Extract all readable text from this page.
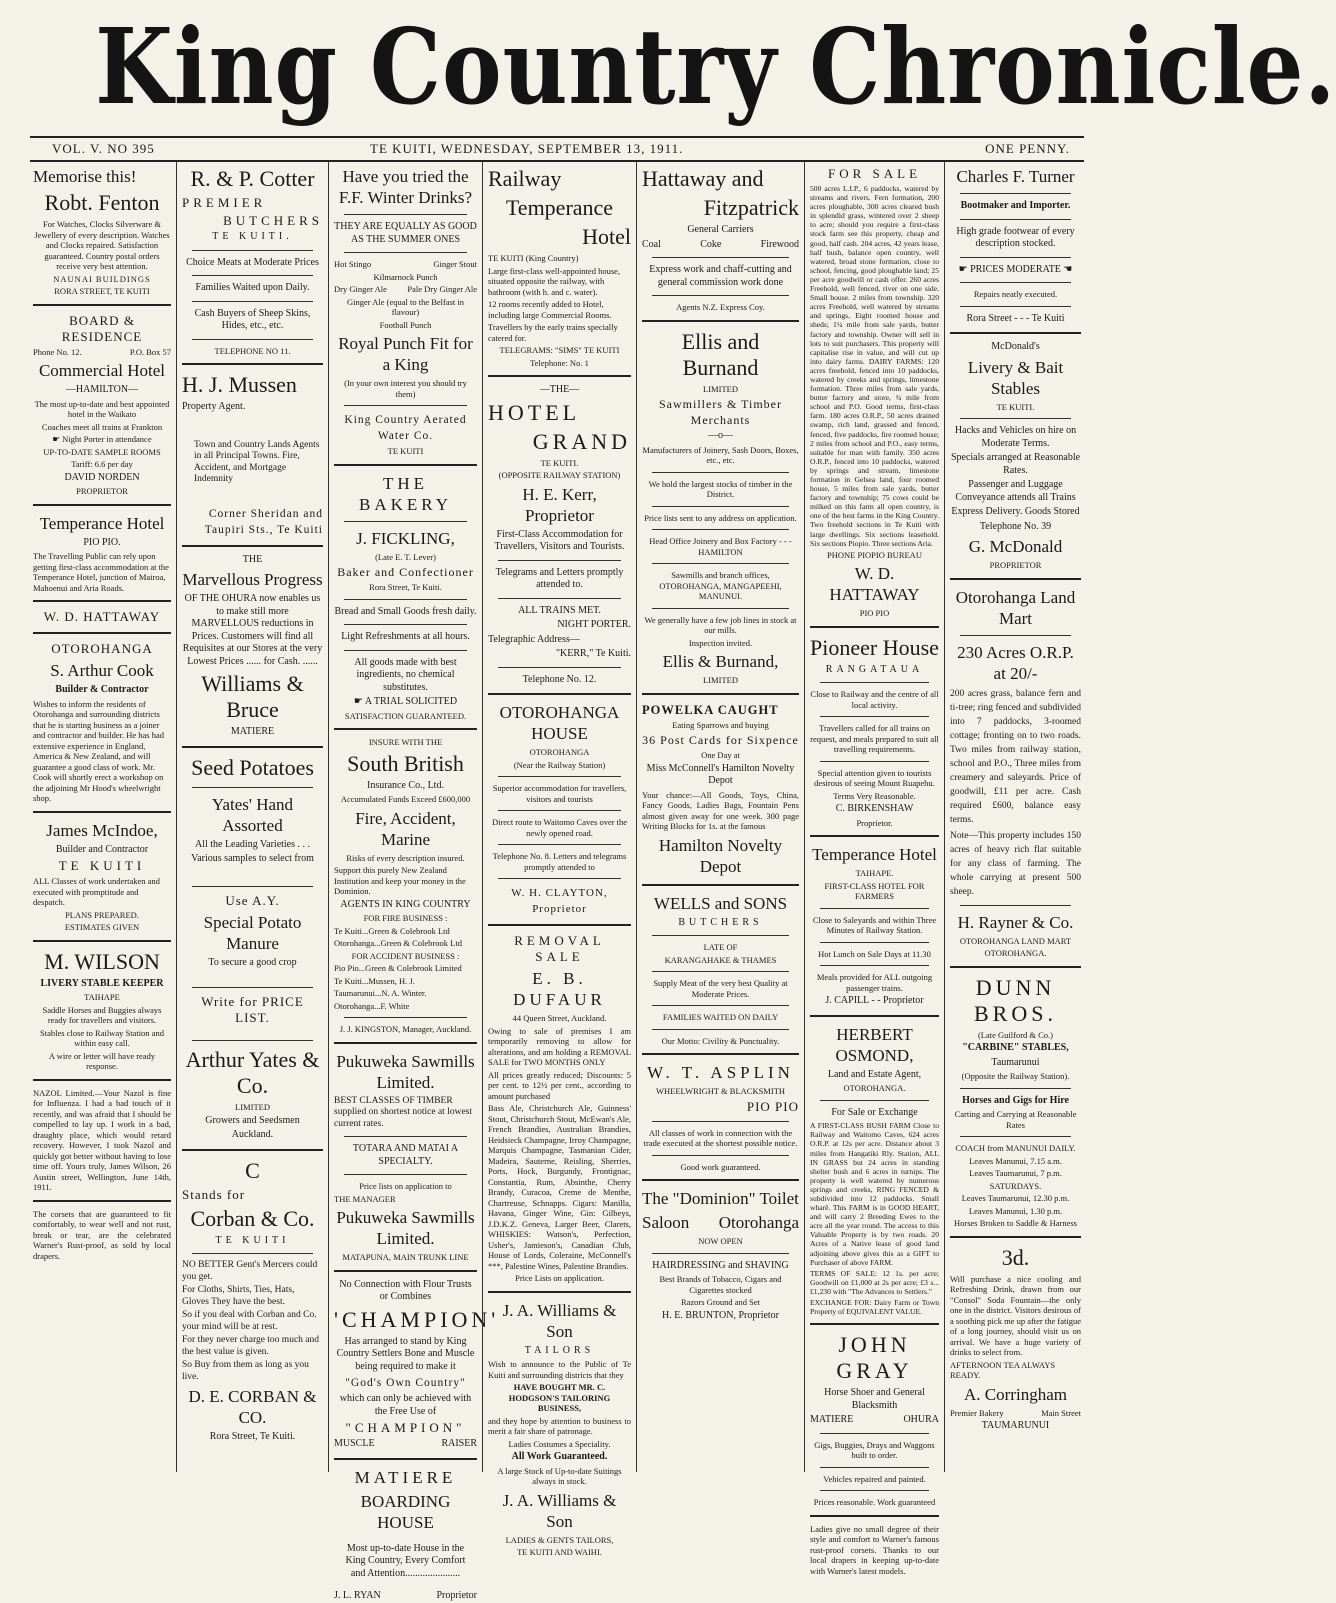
King Country Chronicle.
VOL. V. NO 395	TE KUITI, WEDNESDAY, SEPTEMBER 13, 1911.	ONE PENNY.
Memorise this!
Robt. Fenton

For Watches, Clocks Silverware & Jewellery of every description. Watches and Clocks repaired. Satisfaction guaranteed. Country postal orders receive very best attention.

NAUNAI BUILDINGS

RORA STREET, TE KUITI

BOARD & RESIDENCE
Phone No. 12.	P.O. Box 57
Commercial Hotel

—HAMILTON—

The most up-to-date and best appointed hotel in the Waikato

Coaches meet all trains at Frankton

☛ Night Porter in attendance

UP-TO-DATE SAMPLE ROOMS

Tariff: 6.6 per day

DAVID NORDEN

PROPRIETOR

Temperance Hotel

PIO PIO.

The Travelling Public can rely upon getting first-class accommodation at the Temperance Hotel, junction of Mairoa, Mahoenui and Aria Roads.

W. D. HATTAWAY
OTOROHANGA
S. Arthur Cook

Builder & Contractor

Wishes to inform the residents of Otorohanga and surrounding districts that he is starting business as a joiner and contractor and builder. He has had extensive experience in England, America & New Zealand, and will guarantee a good class of work. Mr. Cook will shortly erect a workshop on the adjoining Mr Hood's wheelwright shop.

James McIndoe,

Builder and Contractor

TE KUITI

ALL Classes of work undertaken and executed with promptitude and despatch.

PLANS PREPARED.

ESTIMATES GIVEN

M. WILSON

LIVERY STABLE KEEPER

TAIHAPE

Saddle Horses and Buggies always ready for travellers and visitors.

Stables close to Railway Station and within easy call.

A wire or letter will have ready response.

NAZOL Limited.—Your Nazol is fine for Influenza. I had a bad touch of it recently, and was afraid that I should be compelled to lay up. I work in a bad, draughty place, which would retard recovery. However, I took Nazol and quickly got better without having to lose time off. Yours truly, James Wilson, 26 Austin street, Wellington, June 14th, 1911.

The corsets that are guaranteed to fit comfortably, to wear well and not rust, break or tear, are the celebrated Warner's Rust-proof, as sold by local drapers.

R. & P. Cotter
PREMIER
BUTCHERS

TE KUITI.

Choice Meats at Moderate Prices

Families Waited upon Daily.

Cash Buyers of Sheep Skins, Hides, etc., etc.

TELEPHONE NO 11.

H. J. Mussen

Property Agent.

Town and Country Lands Agents in all Principal Towns. Fire, Accident, and Mortgage Indemnity

Corner Sheridan and Taupiri Sts., Te Kuiti

THE

Marvellous Progress

OF THE OHURA now enables us to make still more MARVELLOUS reductions in Prices. Customers will find all Requisites at our Stores at the very Lowest Prices ...... for Cash. ......

Williams & Bruce

MATIERE

Seed Potatoes
Yates' Hand Assorted

All the Leading Varieties . . .

Various samples to select from

Use A.Y.

Special Potato Manure

To secure a good crop

Write for PRICE LIST.

Arthur Yates & Co.

LIMITED

Growers and Seedsmen

Auckland.

C

Stands for

Corban & Co.

TE KUITI

NO BETTER Gent's Mercers could you get.

For Cloths, Shirts, Ties, Hats, Gloves They have the best.

So if you deal with Corban and Co. your mind will be at rest.

For they never charge too much and the best value is given.

So Buy from them as long as you live.

D. E. CORBAN & CO.

Rora Street, Te Kuiti.

Have you tried the F.F. Winter Drinks?

THEY ARE EQUALLY AS GOOD AS THE SUMMER ONES

Hot Stingo	Ginger Stout

Kilmarnock Punch

Dry Ginger Ale Pale Dry Ginger Ale

Ginger Ale (equal to the Belfast in flavour)

Football Punch

Royal Punch Fit for a King

(In your own interest you should try them)

King Country Aerated Water Co.

TE KUITI

THE BAKERY
J. FICKLING,

(Late E. T. Lever)

Baker and Confectioner

Rora Street, Te Kuiti.

Bread and Small Goods fresh daily.

Light Refreshments at all hours.

All goods made with best ingredients, no chemical substitutes.

☛ A TRIAL SOLICITED

SATISFACTION GUARANTEED.

INSURE WITH THE

South British

Insurance Co., Ltd.

Accumulated Funds Exceed £600,000

Fire, Accident, Marine

Risks of every description insured.

Support this purely New Zealand Institution and keep your money in the Dominion.

AGENTS IN KING COUNTRY

FOR FIRE BUSINESS :

Te Kuiti...Green & Colebrook Ltd

Otorohanga...Green & Colebrook Ltd

FOR ACCIDENT BUSINESS :

Pio Pio...Green & Colebrook Limited

Te Kuiti...Mussen, H. J.

Taumarunui...N. A. Winter.

Otorohanga...F. White

J. J. KINGSTON, Manager, Auckland.

Pukuweka Sawmills Limited.

BEST CLASSES OF TIMBER supplied on shortest notice at lowest current rates.

TOTARA AND MATAI A SPECIALTY.

Price lists on application to

THE MANAGER

Pukuweka Sawmills Limited.

MATAPUNA, MAIN TRUNK LINE

No Connection with Flour Trusts or Combines

'CHAMPION'

Has arranged to stand by King Country Settlers Bone and Muscle being required to make it

"God's Own Country"

which can only be achieved with the Free Use of

"CHAMPION"

MUSCLE	RAISER
MATIERE
BOARDING HOUSE

Most up-to-date House in the King Country, Every Comfort and Attention......................

J. L. RYAN	Proprietor
Railway
Temperance
Hotel

TE KUITI (King Country)

Large first-class well-appointed house, situated opposite the railway, with bathroom (with h. and c. water).

12 rooms recently added to Hotel, including large Commercial Rooms.

Travellers by the early trains specially catered for.

TELEGRAMS: "SIMS" TE KUITI

Telephone: No. 1

—THE—

HOTEL
GRAND

TE KUITI.

(OPPOSITE RAILWAY STATION)

H. E. Kerr, Proprietor

First-Class Accommodation for Travellers, Visitors and Tourists.

Telegrams and Letters promptly attended to.

ALL TRAINS MET.

NIGHT PORTER.

Telegraphic Address—

"KERR," Te Kuiti.

Telephone No. 12.

OTOROHANGA HOUSE

OTOROHANGA

(Near the Railway Station)

Superior accommodation for travellers, visitors and tourists

Direct route to Waitomo Caves over the newly opened road.

Telephone No. 8. Letters and telegrams promptly attended to

W. H. CLAYTON, Proprietor

REMOVAL SALE
E. B. DUFAUR

44 Queen Street, Auckland.

Owing to sale of premises I am temporarily removing to allow for alterations, and am holding a REMOVAL SALE for TWO MONTHS ONLY

All prices greatly reduced; Discounts: 5 per cent. to 12½ per cent., according to amount purchased

Bass Ale, Christchurch Ale, Guinness' Stout, Christchurch Stout, McEwan's Ale, French Brandies, Australian Brandies, Heidsieck Champagne, Irroy Champagne, Marquis Champagne, Tasmanian Cider, Madeira, Sauterne, Reisling, Sherries, Ports, Hock, Burgundy, Frontignac, Constantia, Rum, Absinthe, Cherry Brandy, Curacoa, Creme de Menthe, Chartreuse, Schnapps. Cigars: Manilla, Havana, Ginger Wine, Gin: Gilbeys, J.D.K.Z. Geneva, Larger Beer, Clarets, WHISKIES: Watson's, Perfection, Usher's, Jamieson's, Canadian Club, House of Lords, Coleraine, McConnell's ***, Palestine Wines, Palestine Brandies.

Price Lists on application.

J. A. Williams & Son

TAILORS

Wish to announce to the Public of Te Kuiti and surrounding districts that they

HAVE BOUGHT MR. C. HODGSON'S TAILORING BUSINESS,

and they hope by attention to business to merit a fair share of patronage.

Ladies Costumes a Speciality.

All Work Guaranteed.

A large Stock of Up-to-date Suitings always in stock.

J. A. Williams & Son

LADIES & GENTS TAILORS,

TE KUITI AND WAIHI.

Hattaway and
Fitzpatrick

General Carriers

Coal	Coke	Firewood

Express work and chaff-cutting and general commission work done

Agents N.Z. Express Coy.

Ellis and Burnand

LIMITED

Sawmillers & Timber Merchants

—o—

Manufacturers of Joinery, Sash Doors, Boxes, etc., etc.

We hold the largest stocks of timber in the District.

Price lists sent to any address on application.

Head Office Joinery and Box Factory - - - HAMILTON

Sawmills and branch offices, OTOROHANGA, MANGAPEEHI, MANUNUI.

We generally have a few job lines in stock at our mills.

Inspection invited.

Ellis & Burnand,

LIMITED

POWELKA CAUGHT

Eating Sparrows and buying

36 Post Cards for Sixpence

One Day at

Miss McConnell's Hamilton Novelty Depot

Your chance:—All Goods, Toys, China, Fancy Goods, Ladies Bags, Fountain Pens almost given away for one week. 300 page Writing Blocks for 1s. at the famous

Hamilton Novelty Depot
WELLS and SONS

BUTCHERS

LATE OF

KARANGAHAKE & THAMES

Supply Meat of the very best Quality at Moderate Prices.

FAMILIES WAITED ON DAILY

Our Motto: Civility & Punctuality.

W. T. ASPLIN

WHEELWRIGHT & BLACKSMITH

PIO PIO

All classes of work in connection with the trade executed at the shortest possible notice.

Good work guaranteed.

The "Dominion" Toilet
Saloon Otorohanga

NOW OPEN

HAIRDRESSING and SHAVING

Best Brands of Tobacco, Cigars and Cigarettes stocked

Razors Ground and Set

H. E. BRUNTON, Proprietor

FOR SALE

500 acres L.I.P., 6 paddocks, watered by streams and rivers. Fern formation, 200 acres ploughable, 300 acres cleared bush in splendid grass, wintered over 2 sheep to acre; should you require a first-class stock farm see this property, cheap and good, half cash. 204 acres, 42 years lease, half bush, balance open country, well watered, broad stone formation, close to school, fencing, good ploughable land; 25 per acre goodwill or cash offer. 260 acres Freehold, well fenced, river on one side. Small house. 2 miles from township. 320 acres Freehold, well watered by streams and springs, Eight roomed house and sheds; 1¼ mile from sale yards, butter factory and township. Owner will sell in lots to suit purchasers. This property will capitalise rise in value, and will cut up into dairy farms. DAIRY FARMS: 120 acres freehold, fenced into 10 paddocks, watered by creeks and springs, limestone formation. Three miles from sale yards, butter factory and store, ¾ mile from school and P.O. Good terms, first-class farm. 180 acres O.R.P., 50 acres drained swamp, rich land, grassed and fenced, fenced, five paddocks, fire roomed house; 2 miles from school and P.O., easy terms, suitable for man with family. 350 acres O.R.P., fenced into 10 paddocks, watered by springs and stream, limestone formation in Gelsea land, four roomed house, 5 miles from sale yards, butter factory and township; 75 cows could be milked on this farm all open country, is one of the best farms in the King Country. Two freehold sections in Te Kuiti with large dwellings. Six sections leasehold. Six sections Piopio. Three sections Aria.

PHONE PIOPIO BUREAU

W. D. HATTAWAY

PIO PIO

Pioneer House

RANGATAUA

Close to Railway and the centre of all local activity.

Travellers called for all trains on request, and meals prepared to suit all travelling requirements.

Special attention given to tourists desirous of seeing Mount Ruapehu.

Terms Very Reasonable.

C. BIRKENSHAW

Proprietor.

Temperance Hotel

TAIHAPE.

FIRST-CLASS HOTEL FOR FARMERS

Close to Saleyards and within Three Minutes of Railway Station.

Hot Lunch on Sale Days at 11.30

Meals provided for ALL outgoing passenger trains.

J. CAPILL - - Proprietor

HERBERT OSMOND,

Land and Estate Agent,

OTOROHANGA.

For Sale or Exchange

A FIRST-CLASS BUSH FARM Close to Railway and Waitomo Caves, 624 acres O.R.P. at 12s per acre. Distance about 3 miles from Hangatiki Rly. Station, ALL IN GRASS but 24 acres in standing shelter bush and 6 acres in turnips. The property is well watered by numerous springs and creeks, RING FENCED & subdivided into 12 paddocks. Small wharê. This FARM is in GOOD HEART, and will carry 2 Breeding Ewes to the acre all the year round. The access to this Valuable Property is by two roads. 20 Acres of a Native lease of good land adjoining above gives this as a GIFT to Purchaser of above FARM.

TERMS OF SALE: 12 1s. per acre; Goodwill on £1,000 at 2s per acre; £3 s... £1,230 with "The Advances to Settlers."

EXCHANGE FOR: Dairy Farm or Town Property of EQUIVALENT VALUE.

JOHN GRAY

Horse Shoer and General Blacksmith

MATIERE	OHURA

Gigs, Buggies, Drays and Waggons built to order.

Vehicles repaired and painted.

Prices reasonable. Work guaranteed

Ladies give no small degree of their style and comfort to Warner's famous rust-proof corsets. Thanks to our local drapers in keeping up-to-date with Warner's latest models.

Charles F. Turner

Bootmaker and Importer.

High grade footwear of every description stocked.

☛ PRICES MODERATE ☚

Repairs neatly executed.

Rora Street - - - Te Kuiti

McDonald's

Livery & Bait Stables

TE KUITI.

Hacks and Vehicles on hire on Moderate Terms.

Specials arranged at Reasonable Rates.

Passenger and Luggage Conveyance attends all Trains

Express Delivery. Goods Stored

Telephone No. 39

G. McDonald

PROPRIETOR

Otorohanga Land Mart
230 Acres O.R.P. at 20/-

200 acres grass, balance fern and ti-tree; ring fenced and subdivided into 7 paddocks, 3-roomed cottage; fronting on to two roads. Two miles from railway station, school and P.O., Three miles from creamery and saleyards. Price of goodwill, £11 per acre. Cash required £600, balance easy terms.

Note—This property includes 150 acres of heavy rich flat suitable for any class of farming. The whole carrying at present 500 sheep.

H. Rayner & Co.

OTOROHANGA LAND MART

OTOROHANGA.

DUNN BROS.

(Late Guilford & Co.)

"CARBINE" STABLES,

Taumarunui

(Opposite the Railway Station).

Horses and Gigs for Hire

Carting and Carrying at Reasonable Rates

COACH from MANUNUI DAILY.

Leaves Manunui, 7.15 a.m.

Leaves Taumarunui, 7 p.m.

SATURDAYS.

Leaves Taumarunui, 12.30 p.m.

Leaves Manunui, 1.30 p.m.

Horses Broken to Saddle & Harness

3d.

Will purchase a nice cooling and Refreshing Drink, drawn from our "Consol" Soda Fountain—the only one in the district. Visitors desirous of a soothing pick me up after the fatigue of a long journey, should visit us on arrival. We have a huge variety of drinks to select from.

AFTERNOON TEA ALWAYS READY.

A. Corringham
Premier Bakery	Main Street

TAUMARUNUI
